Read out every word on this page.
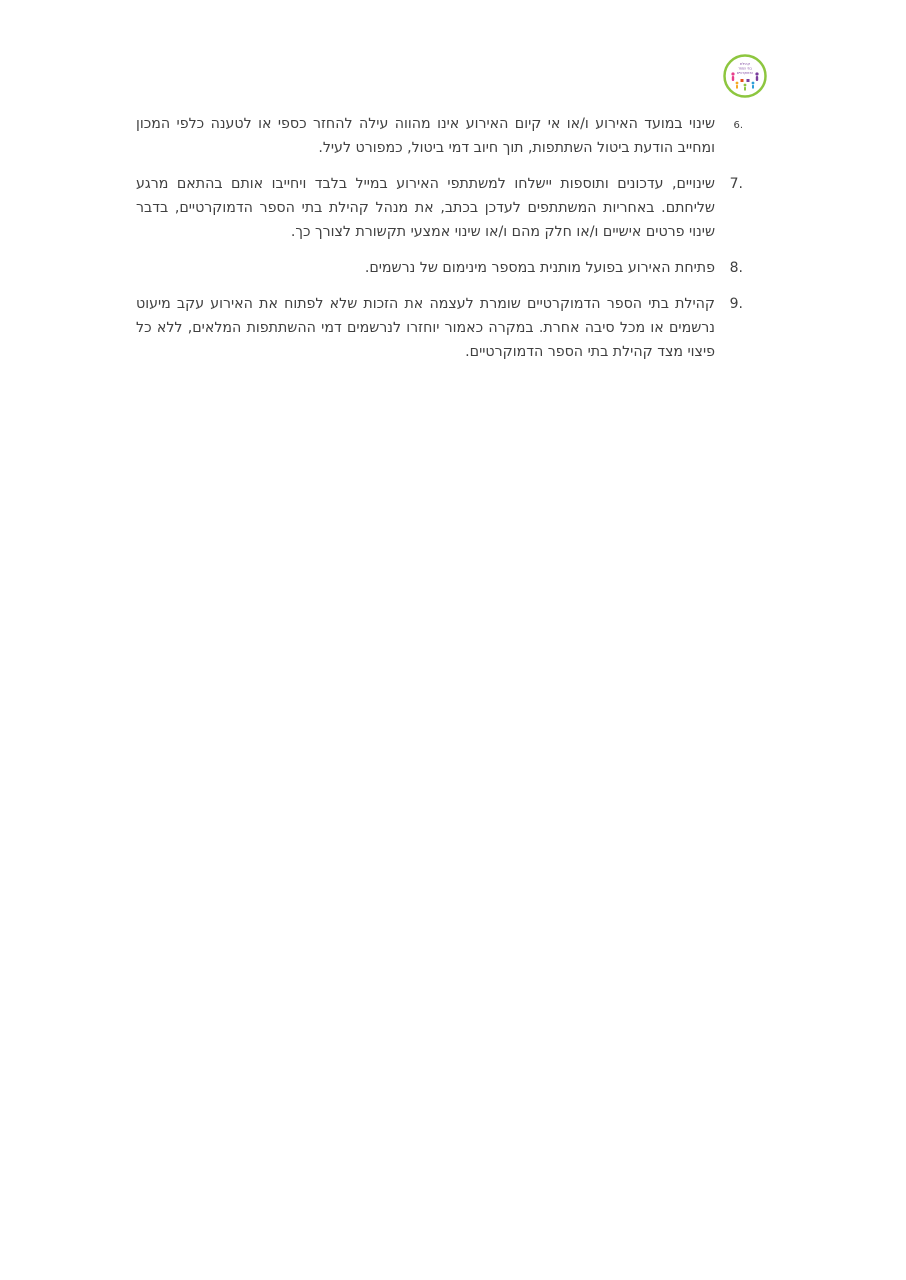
קהילת
בתי הספר
הדמוקרטיים
6.
שינוי במועד האירוע ו/או אי קיום האירוע אינו מהווה עילה להחזר כספי או לטענה כלפי המכון ומחייב הודעת ביטול השתתפות, תוך חיוב דמי ביטול, כמפורט לעיל.
7.
שינויים, עדכונים ותוספות יישלחו למשתתפי האירוע במייל בלבד ויחייבו אותם בהתאם מרגע שליחתם. באחריות המשתתפים לעדכן בכתב, את מנהל קהילת בתי הספר הדמוקרטיים, בדבר שינוי פרטים אישיים ו/או חלק מהם ו/או שינוי אמצעי תקשורת לצורך כך.
8.
פתיחת האירוע בפועל מותנית במספר מינימום של נרשמים.
9.
קהילת בתי הספר הדמוקרטיים שומרת לעצמה את הזכות שלא לפתוח את האירוע עקב מיעוט נרשמים או מכל סיבה אחרת. במקרה כאמור יוחזרו לנרשמים דמי ההשתתפות המלאים, ללא כל פיצוי מצד קהילת בתי הספר הדמוקרטיים.
